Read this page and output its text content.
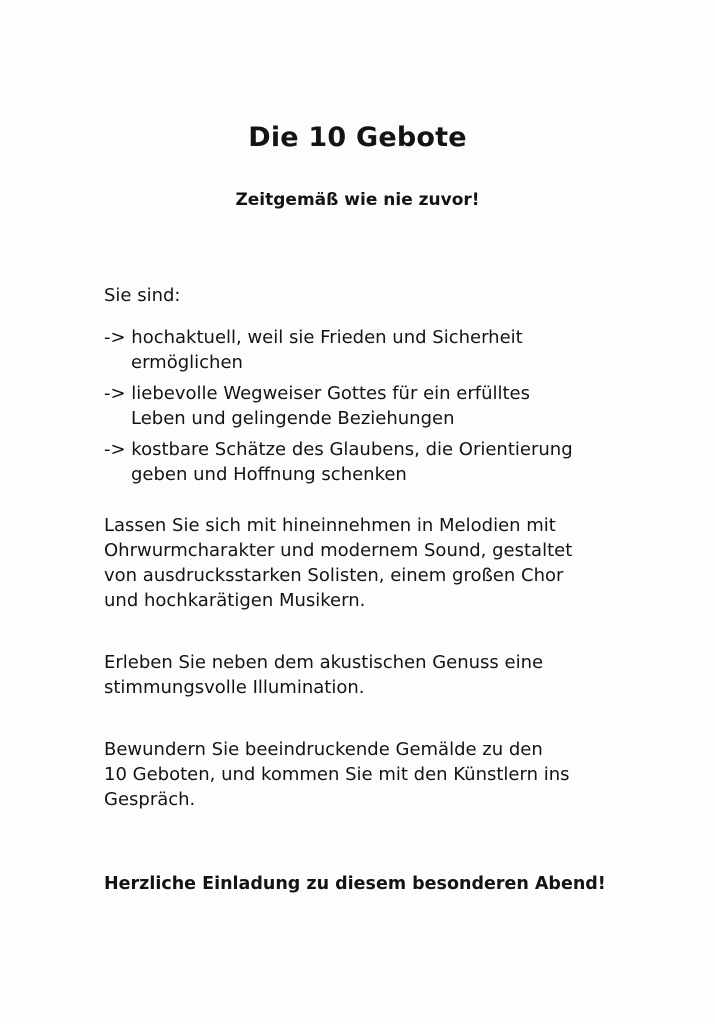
Die 10 Gebote
Zeitgemäß wie nie zuvor!
Sie sind:
-> hochaktuell, weil sie Frieden und Sicherheit
ermöglichen
-> liebevolle Wegweiser Gottes für ein erfülltes
Leben und gelingende Beziehungen
-> kostbare Schätze des Glaubens, die Orientierung
geben und Hoffnung schenken
Lassen Sie sich mit hineinnehmen in Melodien mit
Ohrwurmcharakter und modernem Sound, gestaltet
von ausdrucksstarken Solisten, einem großen Chor
und hochkarätigen Musikern.
Erleben Sie neben dem akustischen Genuss eine
stimmungsvolle Illumination.
Bewundern Sie beeindruckende Gemälde zu den
10 Geboten, und kommen Sie mit den Künstlern ins
Gespräch.
Herzliche Einladung zu diesem besonderen Abend!
